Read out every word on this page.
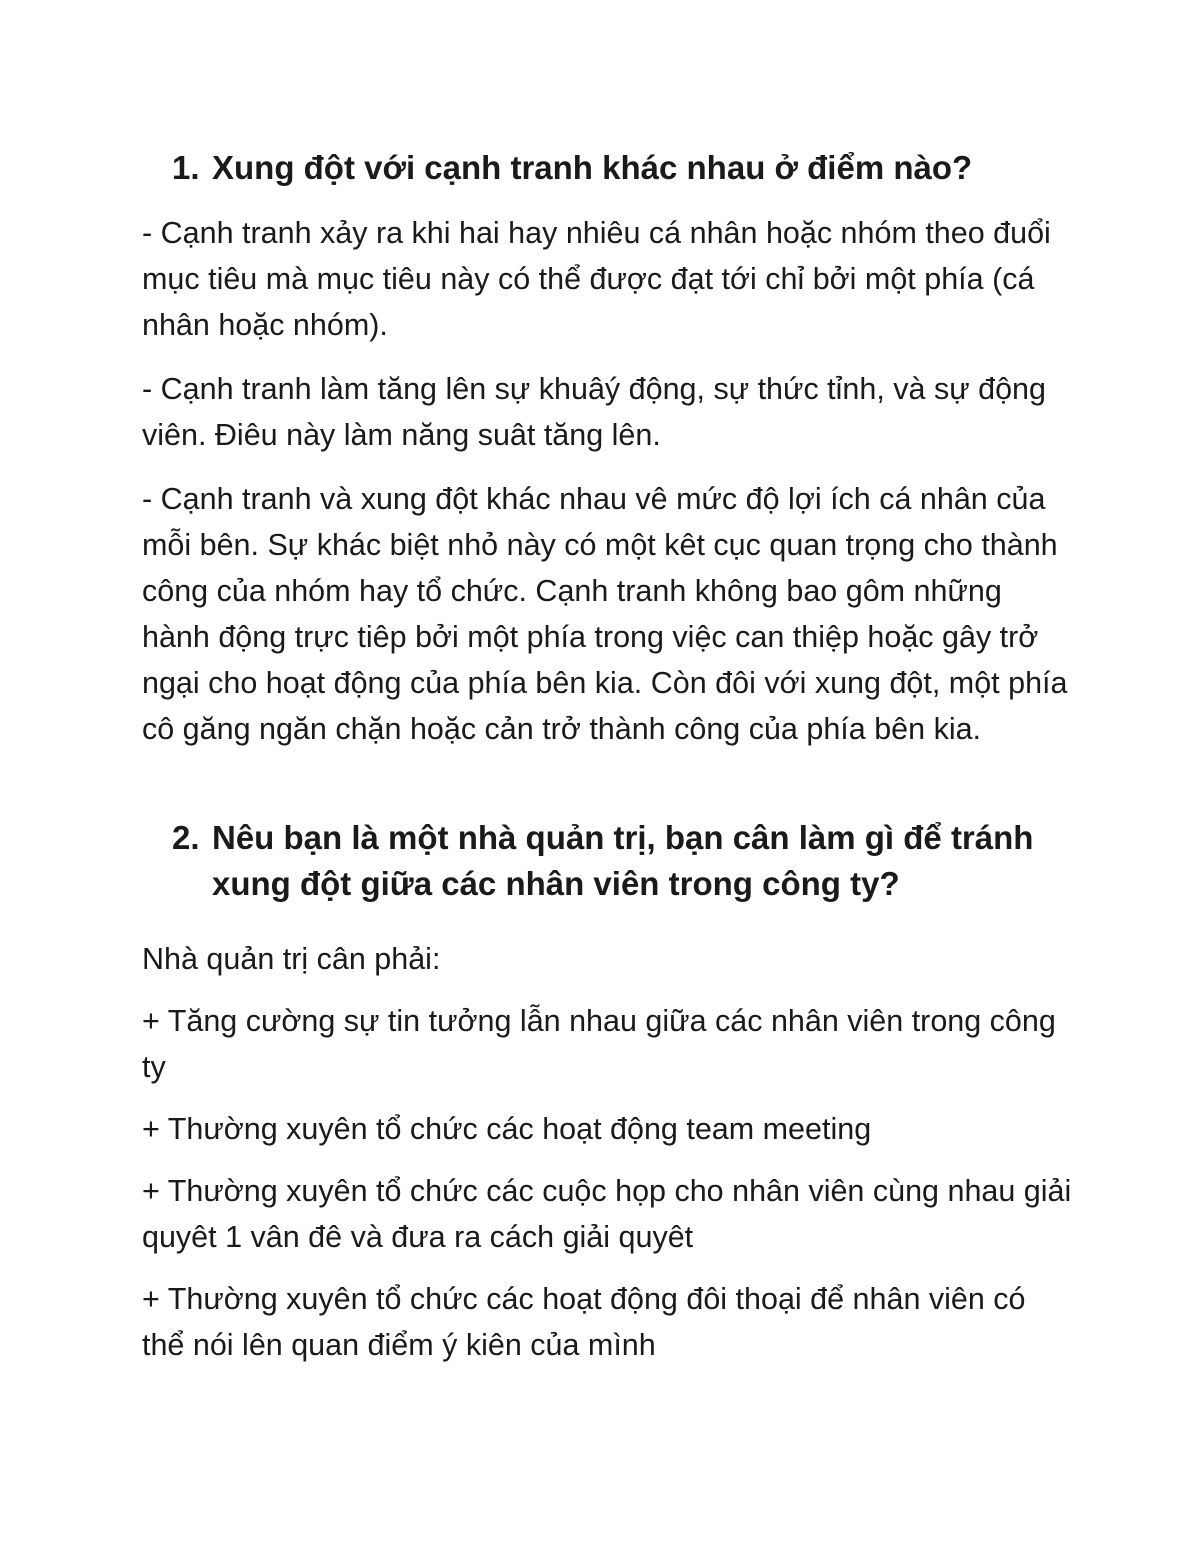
1. Xung đột với cạnh tranh khác nhau ở điểm nào?

- Cạnh tranh xảy ra khi hai hay nhiêu cá nhân hoặc nhóm theo đuổi mục tiêu mà mục tiêu này có thể được đạt tới chỉ bởi một phía (cá nhân hoặc nhóm).

- Cạnh tranh làm tăng lên sự khuâý động, sự thức tỉnh, và sự động viên. Điêu này làm năng suât tăng lên.

- Cạnh tranh và xung đột khác nhau vê mức độ lợi ích cá nhân của mỗi bên. Sự khác biệt nhỏ này có một kêt cục quan trọng cho thành công của nhóm hay tổ chức. Cạnh tranh không bao gôm những hành động trực tiêp bởi một phía trong việc can thiệp hoặc gây trở ngại cho hoạt động của phía bên kia. Còn đôi với xung đột, một phía cô găng ngăn chặn hoặc cản trở thành công của phía bên kia.

2. Nêu bạn là một nhà quản trị, bạn cân làm gì để tránh xung đột giữa các nhân viên trong công ty?

Nhà quản trị cân phải:

+ Tăng cường sự tin tưởng lẫn nhau giữa các nhân viên trong công ty

+ Thường xuyên tổ chức các hoạt động team meeting

+ Thường xuyên tổ chức các cuộc họp cho nhân viên cùng nhau giải quyêt 1 vân đê và đưa ra cách giải quyêt

+ Thường xuyên tổ chức các hoạt động đôi thoại để nhân viên có thể nói lên quan điểm ý kiên của mình
